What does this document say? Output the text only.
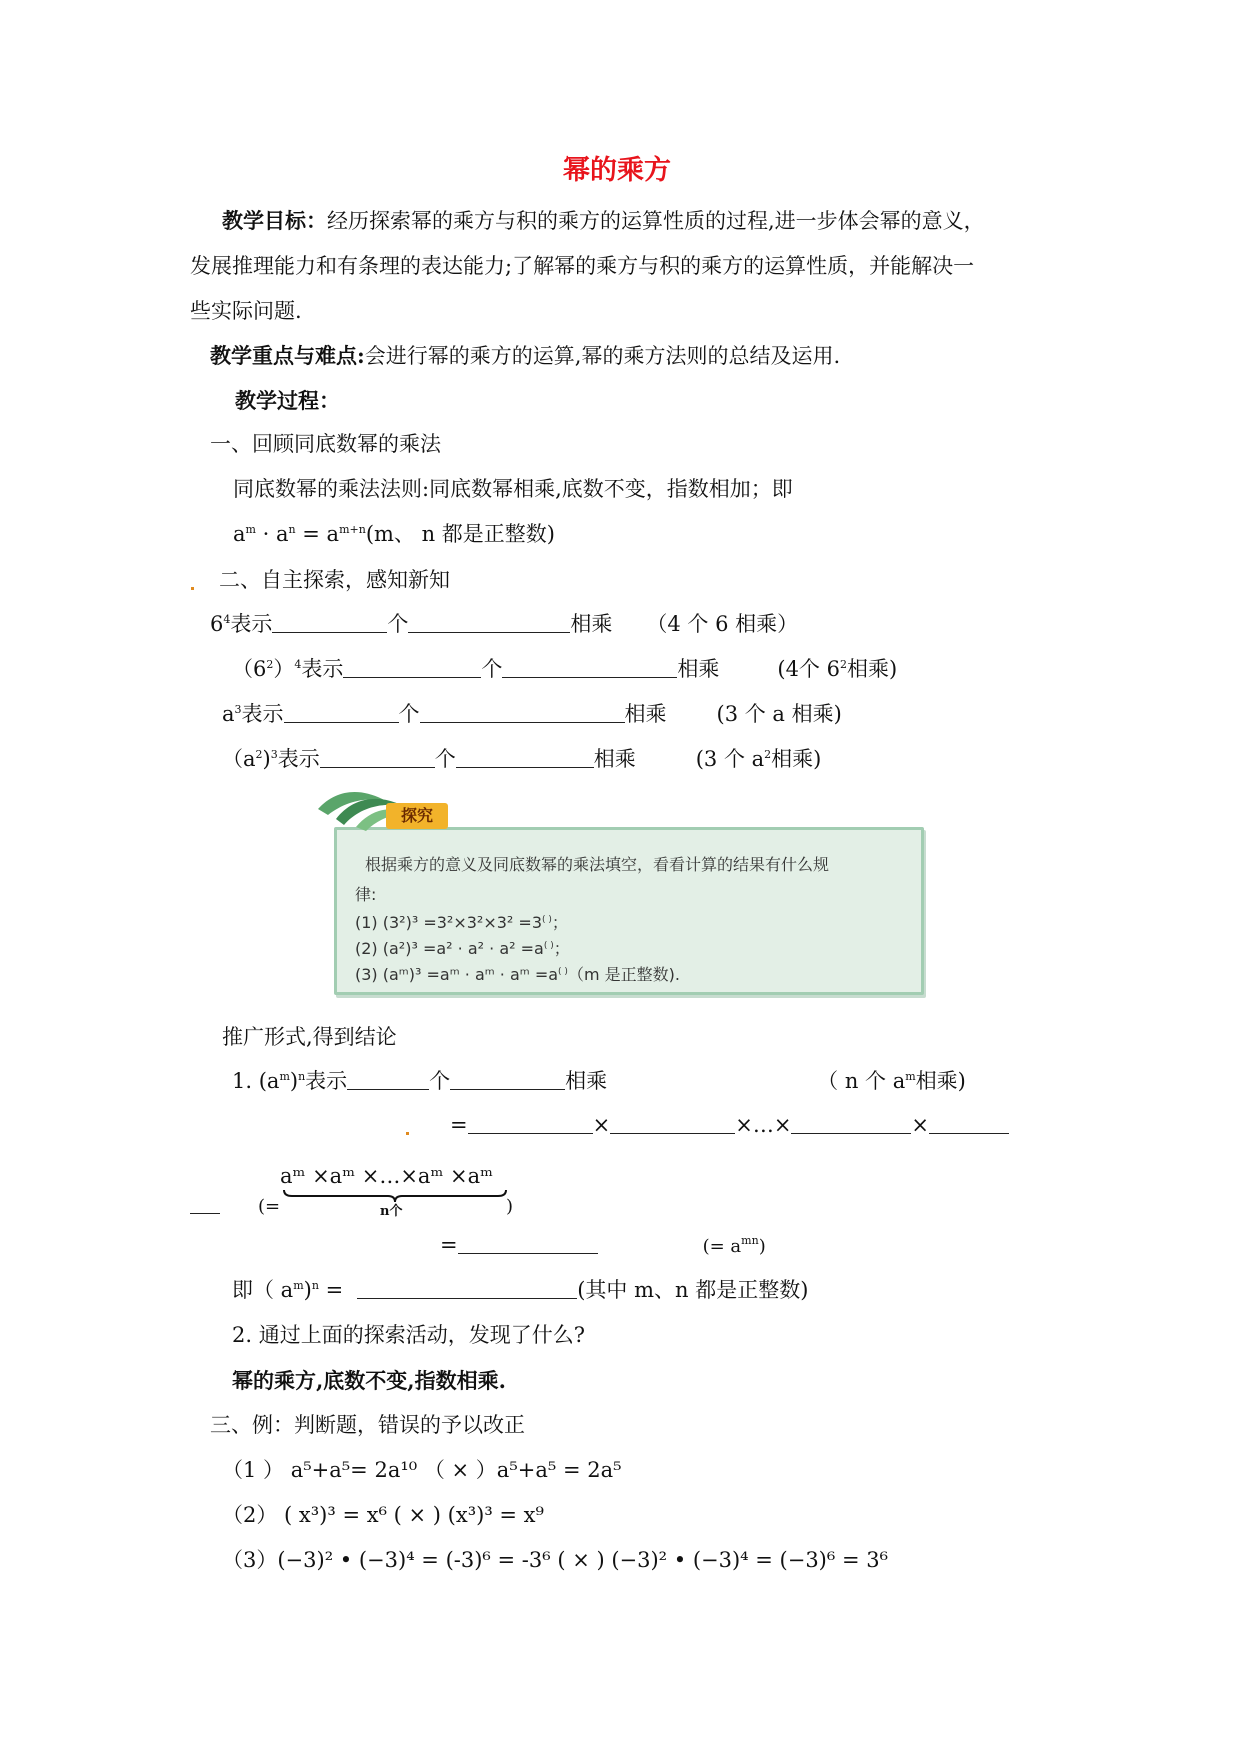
幂的乘方
教学目标：经历探索幂的乘方与积的乘方的运算性质的过程,进一步体会幂的意义，
发展推理能力和有条理的表达能力;了解幂的乘方与积的乘方的运算性质，并能解决一
些实际问题.
教学重点与难点:会进行幂的乘方的运算,幂的乘方法则的总结及运用.
教学过程：
一、回顾同底数幂的乘法
同底数幂的乘法法则:同底数幂相乘,底数不变，指数相加；即
$a^m \cdot a^n = a^{m+n}(m$、 n 都是正整数)
二、自主探索，感知新知
$6^4$表示	个	相乘 （4 个 6 相乘）
$(6^2)^4$表示	个	相乘	(4个 $6^2$相乘)
$a^3$表示	个	相乘 (3 个 a 相乘)
$(a^2)^3$表示	个	相乘	(3 个 $a^2$相乘)
根据乘方的意义及同底数幂的乘法填空，看看计算的结果有什么规
律:
(1) (3²)³ =3²×3²×3² =3( )；
(2) (a²)³ =a² · a² · a² =a( )；
(3) (aᵐ)³ =aᵐ · aᵐ · aᵐ =a( )（m 是正整数).
探究
推广形式,得到结论
1. $(a^m)^n$表示	个	相乘	（ n 个 $a^m$相乘)
=	×	×…×	×
aᵐ ×aᵐ ×…×aᵐ ×aᵐ
n个
(=	)
=	(= $a^{mn}$)
即（ $a^m)^n$ =	(其中 m、n 都是正整数)
2. 通过上面的探索活动，发现了什么?
幂的乘方,底数不变,指数相乘.
三、例：判断题，错误的予以改正
（1 ） a⁵+a⁵= 2a¹⁰ （ × ）a⁵+a⁵ = 2a⁵
（2） ( x³)³ = x⁶ ( × ) (x³)³ = x⁹
（3）(−3)² • (−3)⁴ = (-3)⁶ = -3⁶ ( × ) (−3)² • (−3)⁴ = (−3)⁶ = 3⁶
